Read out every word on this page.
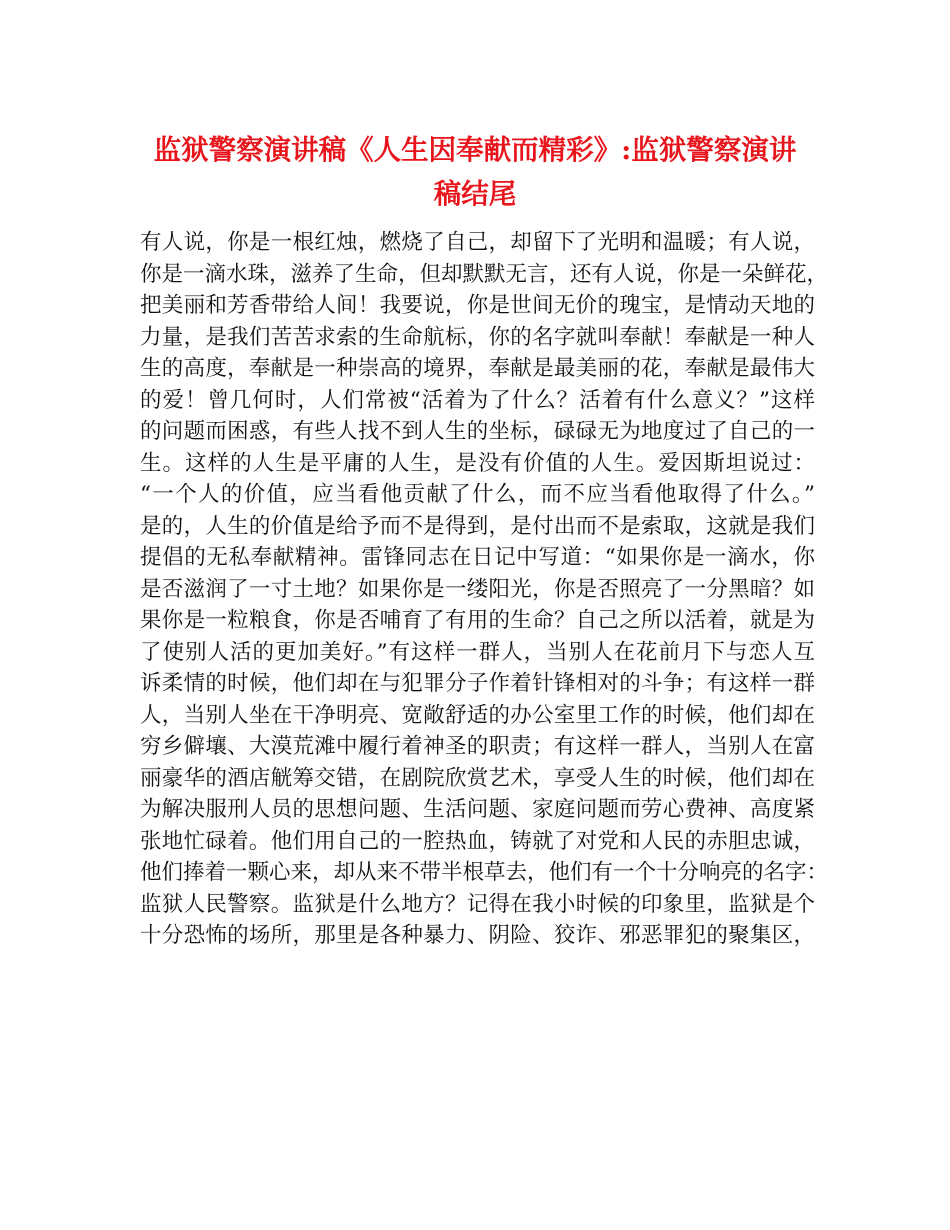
监狱警察演讲稿《人生因奉献而精彩》:监狱警察演讲
稿结尾
有人说，你是一根红烛，燃烧了自己，却留下了光明和温暖；有人说，
你是一滴水珠，滋养了生命，但却默默无言，还有人说，你是一朵鲜花，
把美丽和芳香带给人间！我要说，你是世间无价的瑰宝，是情动天地的
力量，是我们苦苦求索的生命航标，你的名字就叫奉献！奉献是一种人
生的高度，奉献是一种崇高的境界，奉献是最美丽的花，奉献是最伟大
的爱！曾几何时，人们常被“活着为了什么？活着有什么意义？”这样
的问题而困惑，有些人找不到人生的坐标，碌碌无为地度过了自己的一
生。这样的人生是平庸的人生，是没有价值的人生。爱因斯坦说过：
“一个人的价值，应当看他贡献了什么，而不应当看他取得了什么。”
是的，人生的价值是给予而不是得到，是付出而不是索取，这就是我们
提倡的无私奉献精神。雷锋同志在日记中写道：“如果你是一滴水，你
是否滋润了一寸土地？如果你是一缕阳光，你是否照亮了一分黑暗？如
果你是一粒粮食，你是否哺育了有用的生命？自己之所以活着，就是为
了使别人活的更加美好。”有这样一群人，当别人在花前月下与恋人互
诉柔情的时候，他们却在与犯罪分子作着针锋相对的斗争；有这样一群
人，当别人坐在干净明亮、宽敞舒适的办公室里工作的时候，他们却在
穷乡僻壤、大漠荒滩中履行着神圣的职责；有这样一群人，当别人在富
丽豪华的酒店觥筹交错，在剧院欣赏艺术，享受人生的时候，他们却在
为解决服刑人员的思想问题、生活问题、家庭问题而劳心费神、高度紧
张地忙碌着。他们用自己的一腔热血，铸就了对党和人民的赤胆忠诚，
他们捧着一颗心来，却从来不带半根草去，他们有一个十分响亮的名字：
监狱人民警察。监狱是什么地方？记得在我小时候的印象里，监狱是个
十分恐怖的场所，那里是各种暴力、阴险、狡诈、邪恶罪犯的聚集区，
